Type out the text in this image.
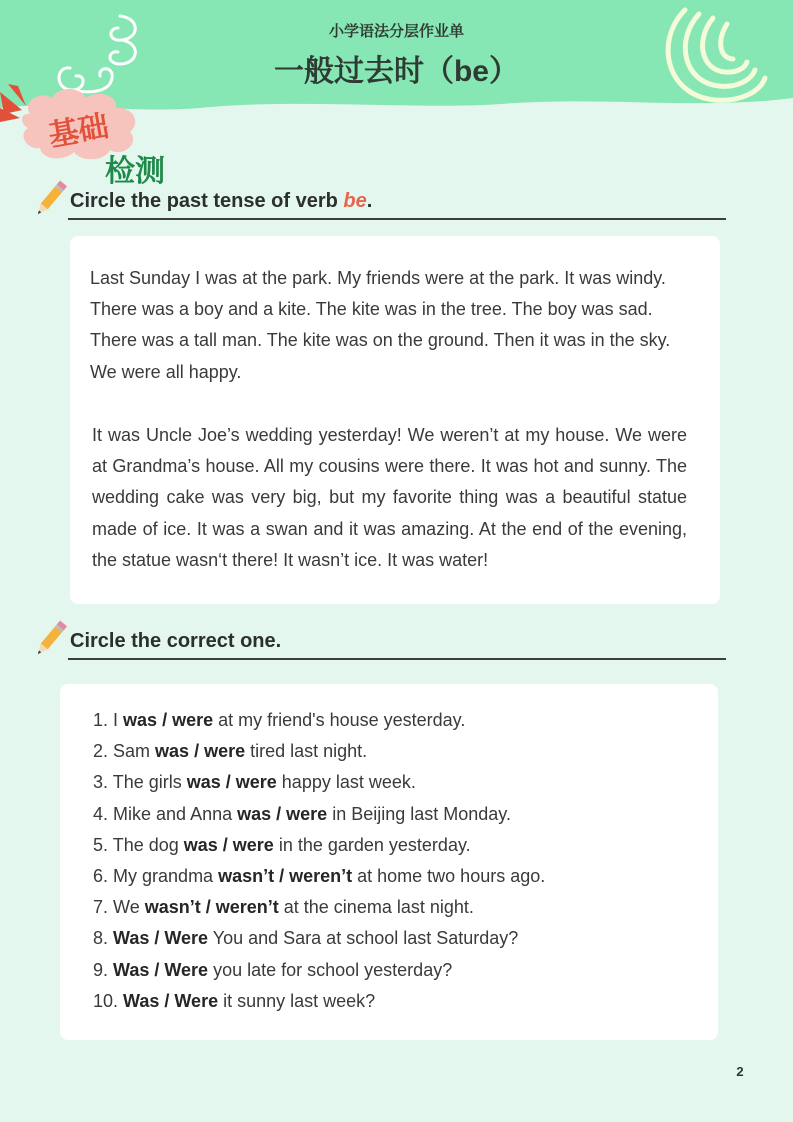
小学语法分层作业单
一般过去时（be）
基础
检测
Circle the past tense of verb be.
Last Sunday I was at the park. My friends were at the park. It was windy. There was a boy and a kite. The kite was in the tree. The boy was sad. There was a tall man. The kite was on the ground. Then it was in the sky. We were all happy.
It was Uncle Joe’s wedding yesterday! We weren’t at my house. We were at Grandma’s house. All my cousins were there. It was hot and sunny. The wedding cake was very big, but my favorite thing was a beautiful statue made of ice. It was a swan and it was amazing. At the end of the evening, the statue wasn‘t there! It wasn’t ice. It was water!
Circle the correct one.
1. I was / were at my friend's house yesterday.
2. Sam was / were tired last night.
3. The girls was / were happy last week.
4. Mike and Anna was / were in Beijing last Monday.
5. The dog was / were in the garden yesterday.
6. My grandma wasn’t / weren’t at home two hours ago.
7. We wasn’t / weren’t at the cinema last night.
8. Was / Were You and Sara at school last Saturday?
9. Was / Were you late for school yesterday?
10. Was / Were it sunny last week?
2
